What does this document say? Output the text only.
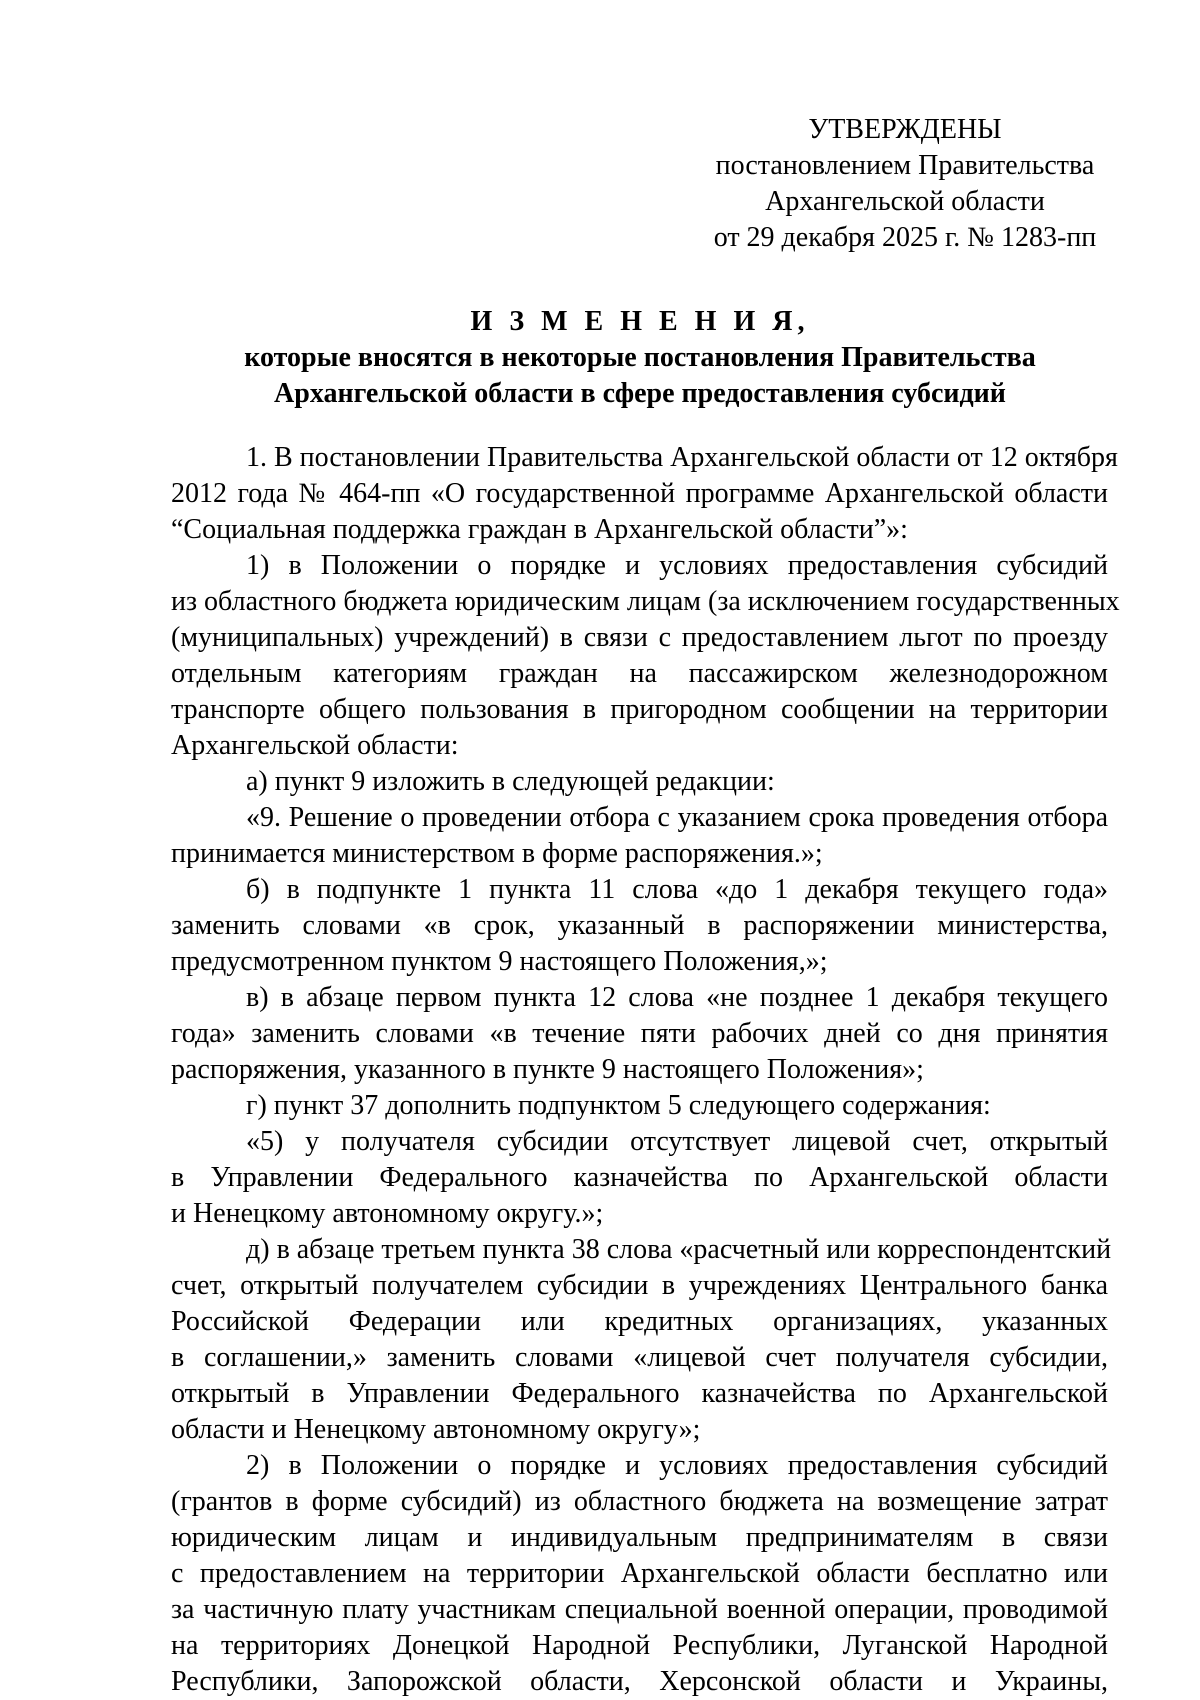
УТВЕРЖДЕНЫ
постановлением Правительства
Архангельской области
от 29 декабря 2025 г. № 1283-пп
И З М Е Н Е Н И Я,
которые вносятся в некоторые постановления Правительства
Архангельской области в сфере предоставления субсидий
1. В постановлении Правительства Архангельской области от 12 октября
2012 года № 464-пп «О государственной программе Архангельской области
“Социальная поддержка граждан в Архангельской области”»:
1) в Положении о порядке и условиях предоставления субсидий
из областного бюджета юридическим лицам (за исключением государственных
(муниципальных) учреждений) в связи с предоставлением льгот по проезду
отдельным категориям граждан на пассажирском железнодорожном
транспорте общего пользования в пригородном сообщении на территории
Архангельской области:
а) пункт 9 изложить в следующей редакции:
«9. Решение о проведении отбора с указанием срока проведения отбора
принимается министерством в форме распоряжения.»;
б) в подпункте 1 пункта 11 слова «до 1 декабря текущего года»
заменить словами «в срок, указанный в распоряжении министерства,
предусмотренном пунктом 9 настоящего Положения,»;
в) в абзаце первом пункта 12 слова «не позднее 1 декабря текущего
года» заменить словами «в течение пяти рабочих дней со дня принятия
распоряжения, указанного в пункте 9 настоящего Положения»;
г) пункт 37 дополнить подпунктом 5 следующего содержания:
«5) у получателя субсидии отсутствует лицевой счет, открытый
в Управлении Федерального казначейства по Архангельской области
и Ненецкому автономному округу.»;
д) в абзаце третьем пункта 38 слова «расчетный или корреспондентский
счет, открытый получателем субсидии в учреждениях Центрального банка
Российской Федерации или кредитных организациях, указанных
в соглашении,» заменить словами «лицевой счет получателя субсидии,
открытый в Управлении Федерального казначейства по Архангельской
области и Ненецкому автономному округу»;
2) в Положении о порядке и условиях предоставления субсидий
(грантов в форме субсидий) из областного бюджета на возмещение затрат
юридическим лицам и индивидуальным предпринимателям в связи
с предоставлением на территории Архангельской области бесплатно или
за частичную плату участникам специальной военной операции, проводимой
на территориях Донецкой Народной Республики, Луганской Народной
Республики, Запорожской области, Херсонской области и Украины,
